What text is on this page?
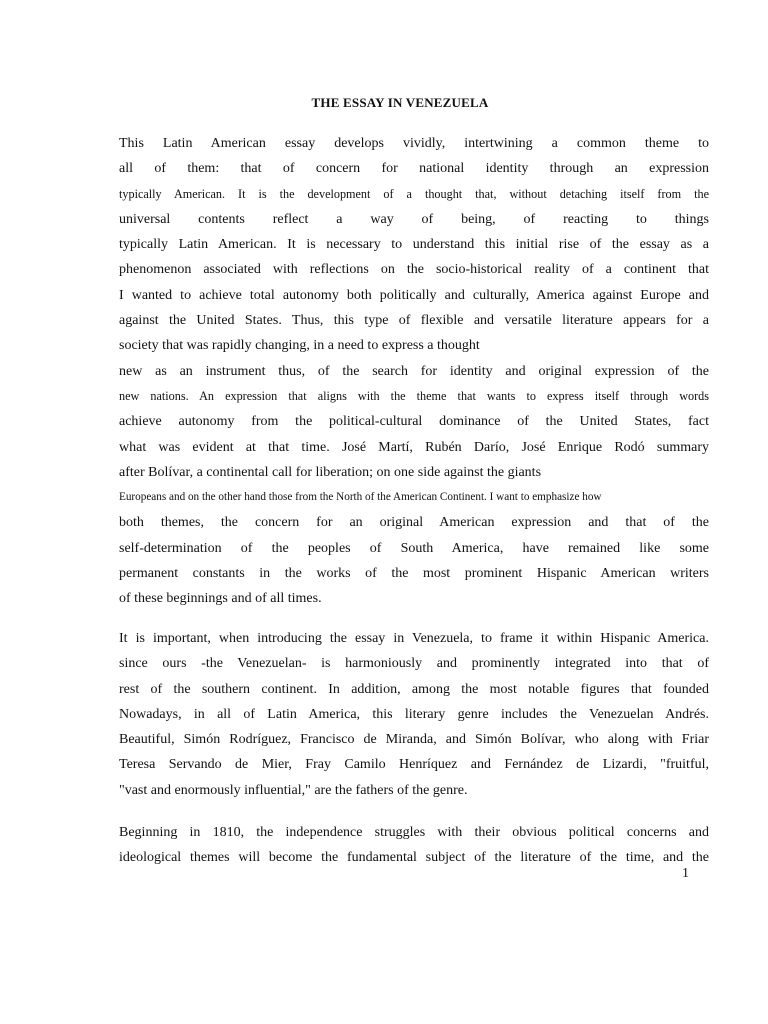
THE ESSAY IN VENEZUELA
This Latin American essay develops vividly, intertwining a common theme to
all of them: that of concern for national identity through an expression
typically American. It is the development of a thought that, without detaching itself from the
universal contents reflect a way of being, of reacting to things
typically Latin American. It is necessary to understand this initial rise of the essay as a
phenomenon associated with reflections on the socio-historical reality of a continent that
I wanted to achieve total autonomy both politically and culturally, America against Europe and
against the United States. Thus, this type of flexible and versatile literature appears for a
society that was rapidly changing, in a need to express a thought
new as an instrument thus, of the search for identity and original expression of the
new nations. An expression that aligns with the theme that wants to express itself through words
achieve autonomy from the political-cultural dominance of the United States, fact
what was evident at that time. José Martí, Rubén Darío, José Enrique Rodó summary
after Bolívar, a continental call for liberation; on one side against the giants
Europeans and on the other hand those from the North of the American Continent. I want to emphasize how
both themes, the concern for an original American expression and that of the
self-determination of the peoples of South America, have remained like some
permanent constants in the works of the most prominent Hispanic American writers
of these beginnings and of all times.
It is important, when introducing the essay in Venezuela, to frame it within Hispanic America.
since ours -the Venezuelan- is harmoniously and prominently integrated into that of
rest of the southern continent. In addition, among the most notable figures that founded
Nowadays, in all of Latin America, this literary genre includes the Venezuelan Andrés.
Beautiful, Simón Rodríguez, Francisco de Miranda, and Simón Bolívar, who along with Friar
Teresa Servando de Mier, Fray Camilo Henríquez and Fernández de Lizardi, "fruitful,
"vast and enormously influential," are the fathers of the genre.
Beginning in 1810, the independence struggles with their obvious political concerns and
ideological themes will become the fundamental subject of the literature of the time, and the
1
